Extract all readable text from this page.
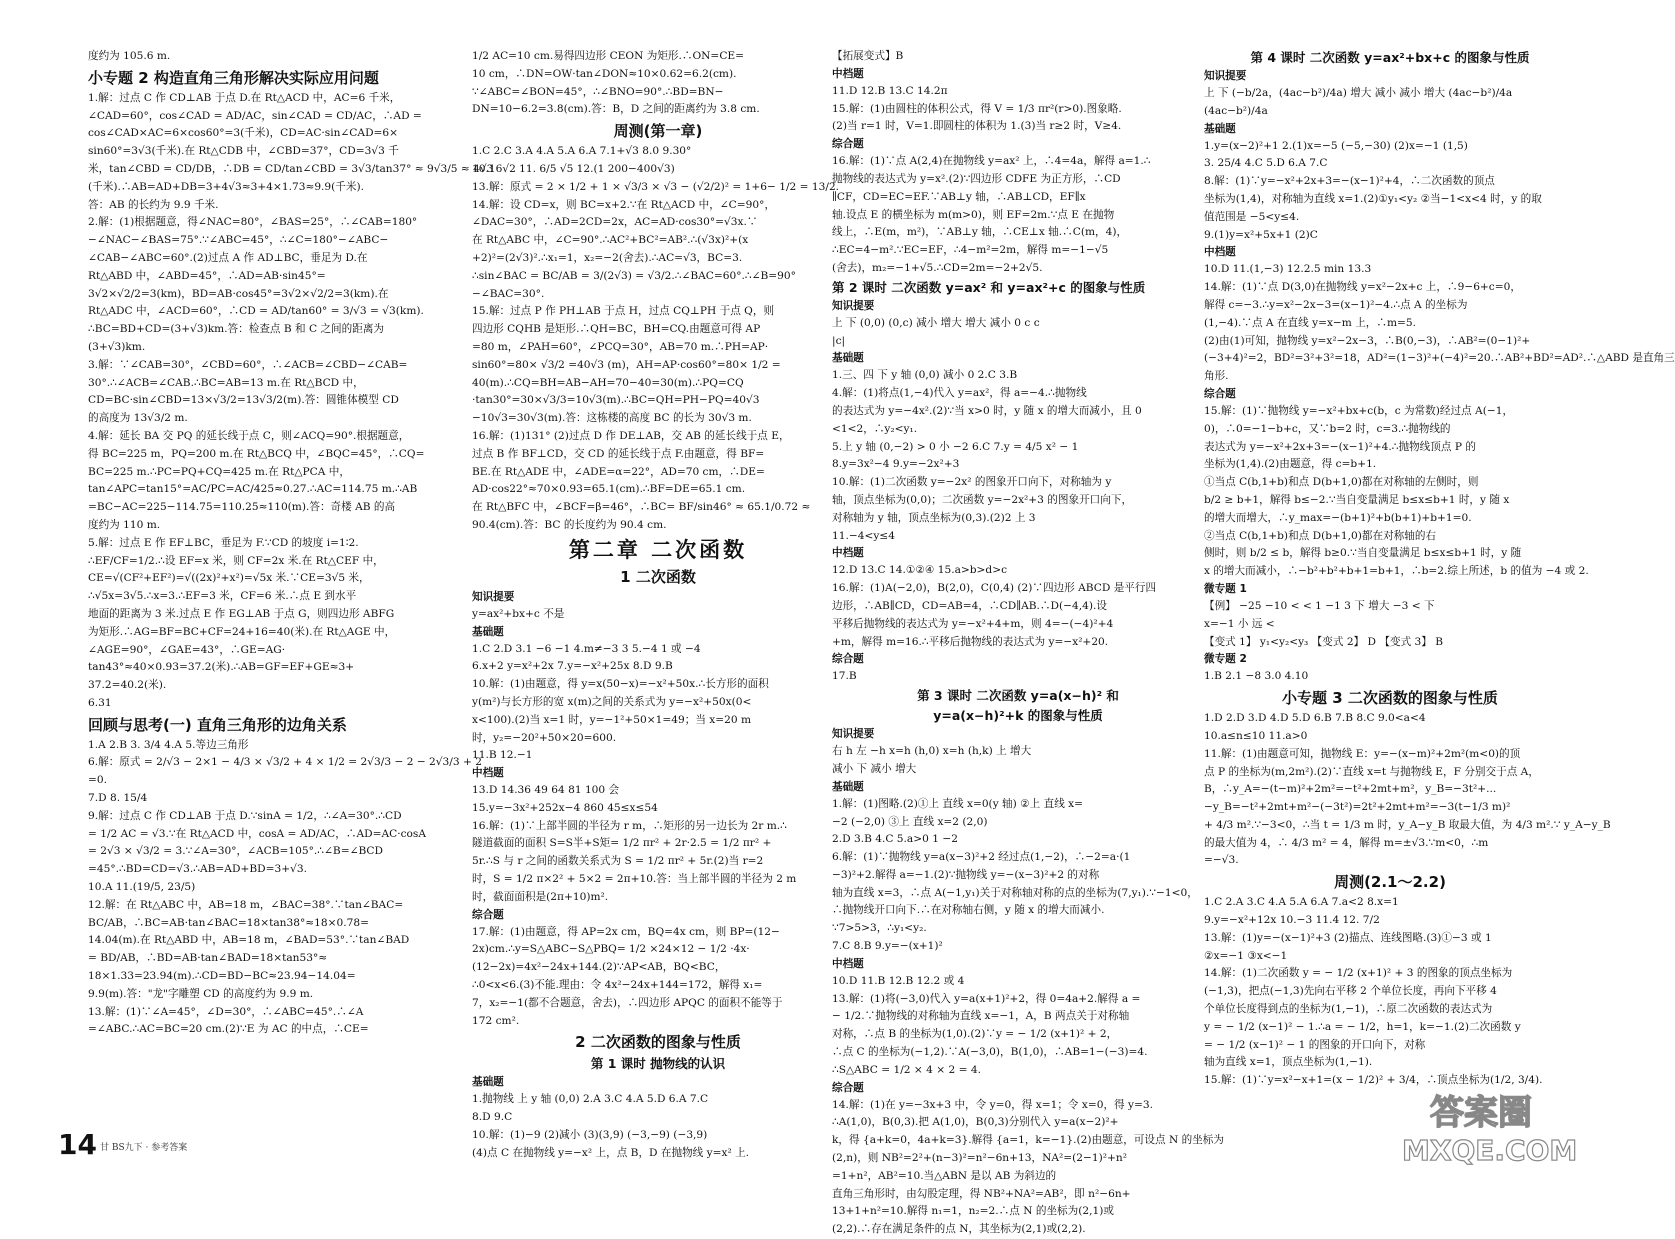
度约为 105.6 m.
小专题 2 构造直角三角形解决实际应用问题
1.解：过点 C 作 CD⊥AB 于点 D.在 Rt△ACD 中，AC=6 千米，
∠CAD=60°，cos∠CAD = AD/AC，sin∠CAD = CD/AC，∴AD =
cos∠CAD×AC=6×cos60°=3(千米)，CD=AC·sin∠CAD=6×
sin60°=3√3(千米).在 Rt△CDB 中，∠CBD=37°，CD=3√3 千
米，tan∠CBD = CD/DB，∴DB = CD/tan∠CBD = 3√3/tan37° ≈ 9√3/5 ≈ 4√3
(千米).∴AB=AD+DB=3+4√3≈3+4×1.73≈9.9(千米).
答：AB 的长约为 9.9 千米.
2.解：(1)根据题意，得∠NAC=80°，∠BAS=25°，∴∠CAB=180°
−∠NAC−∠BAS=75°.∵∠ABC=45°，∴∠C=180°−∠ABC−
∠CAB−∠ABC=60°.(2)过点 A 作 AD⊥BC，垂足为 D.在
Rt△ABD 中，∠ABD=45°，∴AD=AB·sin45°=
3√2×√2/2=3(km)，BD=AB·cos45°=3√2×√2/2=3(km).在
Rt△ADC 中，∠ACD=60°，∴CD = AD/tan60° = 3/√3 = √3(km).
∴BC=BD+CD=(3+√3)km.答：检查点 B 和 C 之间的距离为
(3+√3)km.
3.解：∵∠CAB=30°，∠CBD=60°，∴∠ACB=∠CBD−∠CAB=
30°.∴∠ACB=∠CAB.∴BC=AB=13 m.在 Rt△BCD 中，
CD=BC·sin∠CBD=13×√3/2=13√3/2(m).答：圆锥体模型 CD
的高度为 13√3/2 m.
4.解：延长 BA 交 PQ 的延长线于点 C，则∠ACQ=90°.根据题意，
得 BC=225 m，PQ=200 m.在 Rt△BCQ 中，∠BQC=45°，∴CQ=
BC=225 m.∴PC=PQ+CQ=425 m.在 Rt△PCA 中，
tan∠APC=tan15°=AC/PC=AC/425≈0.27.∴AC=114.75 m.∴AB
=BC−AC=225−114.75=110.25≈110(m).答：奇楼 AB 的高
度约为 110 m.
5.解：过点 E 作 EF⊥BC，垂足为 F.∵CD 的坡度 i=1∶2.
∴EF/CF=1/2.∴设 EF=x 米，则 CF=2x 米.在 Rt△CEF 中，
CE=√(CF²+EF²)=√((2x)²+x²)=√5x 米.∵CE=3√5 米，
∴√5x=3√5.∴x=3.∴EF=3 米，CF=6 米.∴点 E 到水平
地面的距离为 3 米.过点 E 作 EG⊥AB 于点 G，则四边形 ABFG
为矩形.∴AG=BF=BC+CF=24+16=40(米).在 Rt△AGE 中，
∠AGE=90°，∠GAE=43°，∴GE=AG·
tan43°≈40×0.93=37.2(米).∴AB=GF=EF+GE≈3+
37.2=40.2(米).
6.31
回顾与思考(一) 直角三角形的边角关系
1.A 2.B 3. 3/4 4.A 5.等边三角形
6.解：原式 = 2/√3 − 2×1 − 4/3 × √3/2 + 4 × 1/2 = 2√3/3 − 2 − 2√3/3 + 2
=0.
7.D 8. 15/4
9.解：过点 C 作 CD⊥AB 于点 D.∵sinA = 1/2，∴∠A=30°.∴CD
= 1/2 AC = √3.∵在 Rt△ACD 中，cosA = AD/AC，∴AD=AC·cosA
= 2√3 × √3/2 = 3.∵∠A=30°，∠ACB=105°.∴∠B=∠BCD
=45°.∴BD=CD=√3.∴AB=AD+BD=3+√3.
10.A 11.(19/5, 23/5)
12.解：在 Rt△ABC 中，AB=18 m，∠BAC=38°.∵tan∠BAC=
BC/AB，∴BC=AB·tan∠BAC=18×tan38°≈18×0.78=
14.04(m).在 Rt△ABD 中，AB=18 m，∠BAD=53°.∵tan∠BAD
= BD/AB，∴BD=AB·tan∠BAD=18×tan53°≈
18×1.33=23.94(m).∴CD=BD−BC≈23.94−14.04=
9.9(m).答："龙"字雕塑 CD 的高度约为 9.9 m.
13.解：(1)∵∠A=45°，∠D=30°，∴∠ABC=45°.∴∠A
=∠ABC.∴AC=BC=20 cm.(2)∵E 为 AC 的中点，∴CE=
1/2 AC=10 cm.易得四边形 CEON 为矩形.∴ON=CE=
10 cm，∴DN=OW·tan∠DON≈10×0.62=6.2(cm).
∵∠ABC=∠BON=45°，∴∠BNO=90°.∴BD=BN−
DN=10−6.2=3.8(cm).答：B，D 之间的距离约为 3.8 cm.
周测(第一章)
1.C 2.C 3.A 4.A 5.A 6.A 7.1+√3 8.0 9.30°
10.16√2 11. 6/5 √5 12.(1 200−400√3)
13.解：原式 = 2 × 1/2 + 1 × √3/3 × √3 − (√2/2)² = 1+6− 1/2 = 13/2.
14.解：设 CD=x，则 BC=x+2.∵在 Rt△ACD 中，∠C=90°，
∠DAC=30°，∴AD=2CD=2x，AC=AD·cos30°=√3x.∵
在 Rt△ABC 中，∠C=90°.∴AC²+BC²=AB².∴(√3x)²+(x
+2)²=(2√3)².∴x₁=1，x₂=−2(舍去).∴AC=√3，BC=3.
∴sin∠BAC = BC/AB = 3/(2√3) = √3/2.∴∠BAC=60°.∴∠B=90°
−∠BAC=30°.
15.解：过点 P 作 PH⊥AB 于点 H，过点 CQ⊥PH 于点 Q，则
四边形 CQHB 是矩形.∴QH=BC，BH=CQ.由题意可得 AP
=80 m，∠PAH=60°，∠PCQ=30°，AB=70 m.∴PH=AP·
sin60°=80× √3/2 =40√3 (m)，AH=AP·cos60°=80× 1/2 =
40(m).∴CQ=BH=AB−AH=70−40=30(m).∴PQ=CQ
·tan30°=30×√3/3=10√3(m).∴BC=QH=PH−PQ=40√3
−10√3=30√3(m).答：这栋楼的高度 BC 的长为 30√3 m.
16.解：(1)131° (2)过点 D 作 DE⊥AB，交 AB 的延长线于点 E，
过点 B 作 BF⊥CD，交 CD 的延长线于点 F.由题意，得 BF=
BE.在 Rt△ADE 中，∠ADE=α=22°，AD=70 cm，∴DE=
AD·cos22°≈70×0.93=65.1(cm).∴BF=DE=65.1 cm.
在 Rt△BFC 中，∠BCF=β=46°，∴BC= BF/sin46° ≈ 65.1/0.72 ≈
90.4(cm).答：BC 的长度约为 90.4 cm.
第二章 二次函数
1 二次函数
知识提要
y=ax²+bx+c 不是
基础题
1.C 2.D 3.1 −6 −1 4.m≠−3 3 5.−4 1 或 −4
6.x+2 y=x²+2x 7.y=−x²+25x 8.D 9.B
10.解：(1)由题意，得 y=x(50−x)=−x²+50x.∴长方形的面积
y(m²)与长方形的宽 x(m)之间的关系式为 y=−x²+50x(0<
x<100).(2)当 x=1 时，y=−1²+50×1=49；当 x=20 m
时，y₂=−20²+50×20=600.
11.B 12.−1
中档题
13.D 14.36 49 64 81 100 会
15.y=−3x²+252x−4 860 45≤x≤54
16.解：(1)∵上部半圆的半径为 r m，∴矩形的另一边长为 2r m.∴
隧道截面的面积 S=S半+S矩= 1/2 πr² + 2r·2.5 = 1/2 πr² +
5r.∴S 与 r 之间的函数关系式为 S = 1/2 πr² + 5r.(2)当 r=2
时，S = 1/2 π×2² + 5×2 = 2π+10.答：当上部半圆的半径为 2 m
时，截面面积是(2π+10)m².
综合题
17.解：(1)由题意，得 AP=2x cm，BQ=4x cm，则 BP=(12−
2x)cm.∴y=S△ABC−S△PBQ= 1/2 ×24×12 − 1/2 ·4x·
(12−2x)=4x²−24x+144.(2)∵AP<AB，BQ<BC，
∴0<x<6.(3)不能.理由：令 4x²−24x+144=172，解得 x₁=
7，x₂=−1(都不合题意，舍去)，∴四边形 APQC 的面积不能等于
172 cm².
2 二次函数的图象与性质
第 1 课时 抛物线的认识
基础题
1.抛物线 上 y 轴 (0,0) 2.A 3.C 4.A 5.D 6.A 7.C
8.D 9.C
10.解：(1)−9 (2)减小 (3)(3,9) (−3,−9) (−3,9)
(4)点 C 在抛物线 y=−x² 上，点 B，D 在抛物线 y=x² 上.
【拓展变式】B
中档题
11.D 12.B 13.C 14.2π
15.解：(1)由圆柱的体积公式，得 V = 1/3 πr²(r>0).图象略.
(2)当 r=1 时，V=1.即圆柱的体积为 1.(3)当 r≥2 时，V≥4.
综合题
16.解：(1)∵点 A(2,4)在抛物线 y=ax² 上，∴4=4a，解得 a=1.∴
抛物线的表达式为 y=x².(2)∵四边形 CDFE 为正方形，∴CD
∥CF，CD=EC=EF.∵AB⊥y 轴，∴AB⊥CD，EF∥x
轴.设点 E 的横坐标为 m(m>0)，则 EF=2m.∵点 E 在抛物
线上，∴E(m，m²)，∵AB⊥y 轴，∴CE⊥x 轴.∴C(m，4)，
∴EC=4−m².∵EC=EF，∴4−m²=2m，解得 m=−1−√5
(舍去)，m₂=−1+√5.∴CD=2m=−2+2√5.
第 2 课时 二次函数 y=ax² 和 y=ax²+c 的图象与性质
知识提要
上 下 (0,0) (0,c) 减小 增大 增大 减小 0 c c
|c|
基础题
1.三、四 下 y 轴 (0,0) 减小 0 2.C 3.B
4.解：(1)将点(1,−4)代入 y=ax²，得 a=−4.∴抛物线
的表达式为 y=−4x².(2)∵当 x>0 时，y 随 x 的增大而减小，且 0
<1<2，∴y₂<y₁.
5.上 y 轴 (0,−2) > 0 小 −2 6.C 7.y = 4/5 x² − 1
8.y=3x²−4 9.y=−2x²+3
10.解：(1)二次函数 y=−2x² 的图象开口向下，对称轴为 y
轴，顶点坐标为(0,0)；二次函数 y=−2x²+3 的图象开口向下，
对称轴为 y 轴，顶点坐标为(0,3).(2)2 上 3
11.−4<y≤4
中档题
12.D 13.C 14.①②④ 15.a>b>d>c
16.解：(1)A(−2,0)，B(2,0)，C(0,4) (2)∵四边形 ABCD 是平行四
边形，∴AB∥CD，CD=AB=4，∴CD∥AB.∴D(−4,4).设
平移后抛物线的表达式为 y=−x²+4+m，则 4=−(−4)²+4
+m，解得 m=16.∴平移后抛物线的表达式为 y=−x²+20.
综合题
17.B
第 3 课时 二次函数 y=a(x−h)² 和
y=a(x−h)²+k 的图象与性质
知识提要
右 h 左 −h x=h (h,0) x=h (h,k) 上 增大
减小 下 减小 增大
基础题
1.解：(1)图略.(2)①上 直线 x=0(y 轴) ②上 直线 x=
−2 (−2,0) ③上 直线 x=2 (2,0)
2.D 3.B 4.C 5.a>0 1 −2
6.解：(1)∵抛物线 y=a(x−3)²+2 经过点(1,−2)，∴−2=a·(1
−3)²+2.解得 a=−1.(2)∵抛物线 y=−(x−3)²+2 的对称
轴为直线 x=3，∴点 A(−1,y₁)关于对称轴对称的点的坐标为(7,y₁).∵−1<0，
∴抛物线开口向下.∴在对称轴右侧，y 随 x 的增大而减小.
∵7>5>3，∴y₁<y₂.
7.C 8.B 9.y=−(x+1)²
中档题
10.D 11.B 12.B 12.2 或 4
13.解：(1)将(−3,0)代入 y=a(x+1)²+2，得 0=4a+2.解得 a =
− 1/2.∵抛物线的对称轴为直线 x=−1，A，B 两点关于对称轴
对称，∴点 B 的坐标为(1,0).(2)∵y = − 1/2 (x+1)² + 2，
∴点 C 的坐标为(−1,2).∵A(−3,0)，B(1,0)，∴AB=1−(−3)=4.
∴S△ABC = 1/2 × 4 × 2 = 4.
综合题
14.解：(1)在 y=−3x+3 中，令 y=0，得 x=1；令 x=0，得 y=3.
∴A(1,0)，B(0,3).把 A(1,0)，B(0,3)分别代入 y=a(x−2)²+
k，得 {a+k=0，4a+k=3}.解得 {a=1，k=−1}.(2)由题意，可设点 N 的坐标为
(2,n)，则 NB²=2²+(n−3)²=n²−6n+13，NA²=(2−1)²+n²
=1+n²，AB²=10.当△ABN 是以 AB 为斜边的
直角三角形时，由勾股定理，得 NB²+NA²=AB²，即 n²−6n+
13+1+n²=10.解得 n₁=1，n₂=2.∴点 N 的坐标为(2,1)或
(2,2).∴存在满足条件的点 N，其坐标为(2,1)或(2,2).
第 4 课时 二次函数 y=ax²+bx+c 的图象与性质
知识提要
上 下 (−b/2a，(4ac−b²)/4a) 增大 减小 减小 增大 (4ac−b²)/4a
(4ac−b²)/4a
基础题
1.y=(x−2)²+1 2.(1)x=−5 (−5,−30) (2)x=−1 (1,5)
3. 25/4 4.C 5.D 6.A 7.C
8.解：(1)∵y=−x²+2x+3=−(x−1)²+4，∴二次函数的顶点
坐标为(1,4)，对称轴为直线 x=1.(2)①y₁<y₂ ②当−1<x<4 时，y 的取
值范围是 −5<y≤4.
9.(1)y=x²+5x+1 (2)C
中档题
10.D 11.(1,−3) 12.2.5 min 13.3
14.解：(1)∵点 D(3,0)在抛物线 y=x²−2x+c 上，∴9−6+c=0，
解得 c=−3.∴y=x²−2x−3=(x−1)²−4.∴点 A 的坐标为
(1,−4).∵点 A 在直线 y=x−m 上，∴m=5.
(2)由(1)可知，抛物线 y=x²−2x−3，∴B(0,−3)，∴AB²=(0−1)²+
(−3+4)²=2，BD²=3²+3²=18，AD²=(1−3)²+(−4)²=20.∴AB²+BD²=AD².∴△ABD 是直角三
角形.
综合题
15.解：(1)∵抛物线 y=−x²+bx+c(b，c 为常数)经过点 A(−1，
0)，∴0=−1−b+c，又∵b=2 时，c=3.∴抛物线的
表达式为 y=−x²+2x+3=−(x−1)²+4.∴抛物线顶点 P 的
坐标为(1,4).(2)由题意，得 c=b+1.
①当点 C(b,1+b)和点 D(b+1,0)都在对称轴的左侧时，则
b/2 ≥ b+1，解得 b≤−2.∵当自变量满足 b≤x≤b+1 时，y 随 x
的增大而增大，∴y_max=−(b+1)²+b(b+1)+b+1=0.
②当点 C(b,1+b)和点 D(b+1,0)都在对称轴的右
侧时，则 b/2 ≤ b，解得 b≥0.∵当自变量满足 b≤x≤b+1 时，y 随
x 的增大而减小，∴−b²+b²+b+1=b+1，∴b=2.综上所述，b 的值为 −4 或 2.
微专题 1
【例】 −25 −10 < < 1 −1 3 下 增大 −3 < 下
x=−1 小 远 <
【变式 1】 y₁<y₂<y₃ 【变式 2】 D 【变式 3】 B
微专题 2
1.B 2.1 −8 3.0 4.10
小专题 3 二次函数的图象与性质
1.D 2.D 3.D 4.D 5.D 6.B 7.B 8.C 9.0<a<4
10.a≤n≤10 11.a>0
11.解：(1)由题意可知，抛物线 E：y=−(x−m)²+2m²(m<0)的顶
点 P 的坐标为(m,2m²).(2)∵直线 x=t 与抛物线 E，F 分别交于点 A，
B，∴y_A=−(t−m)²+2m²=−t²+2mt+m²，y_B=−3t²+...
−y_B=−t²+2mt+m²−(−3t²)=2t²+2mt+m²=−3(t−1/3 m)²
+ 4/3 m².∵−3<0，∴当 t = 1/3 m 时，y_A−y_B 取最大值，为 4/3 m².∵ y_A−y_B
的最大值为 4，∴ 4/3 m² = 4，解得 m=±√3.∵m<0，∴m
=−√3.
周测(2.1～2.2)
1.C 2.A 3.C 4.A 5.A 6.A 7.a<2 8.x=1
9.y=−x²+12x 10.−3 11.4 12. 7/2
13.解：(1)y=−(x−1)²+3 (2)描点、连线图略.(3)①−3 或 1
②x=−1 ③x<−1
14.解：(1)二次函数 y = − 1/2 (x+1)² + 3 的图象的顶点坐标为
(−1,3)，把点(−1,3)先向右平移 2 个单位长度，再向下平移 4
个单位长度得到点的坐标为(1,−1)，∴原二次函数的表达式为
y = − 1/2 (x−1)² − 1.∴a = − 1/2，h=1，k=−1.(2)二次函数 y
= − 1/2 (x−1)² − 1 的图象的开口向下，对称
轴为直线 x=1，顶点坐标为(1,−1).
15.解：(1)∵y=x²−x+1=(x − 1/2)² + 3/4，∴顶点坐标为(1/2, 3/4).
14 甘 BS九下 · 参考答案
答案圈
MXQE.COM
